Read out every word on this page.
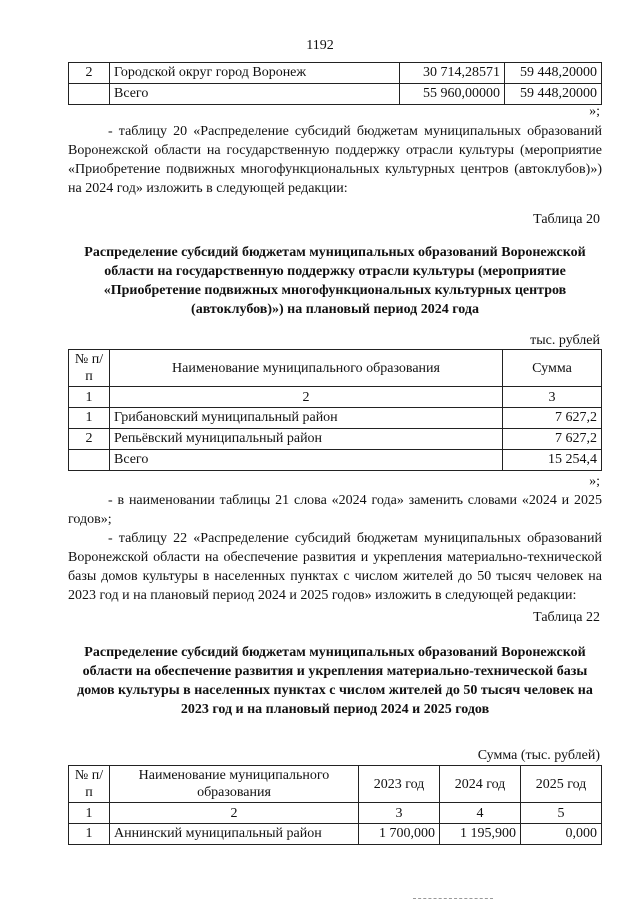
1192
2	Городской округ город Воронеж	30 714,28571	59 448,20000
	Всего	55 960,00000	59 448,20000
»;
- таблицу 20 «Распределение субсидий бюджетам муниципальных образований Воронежской области на государственную поддержку отрасли культуры (мероприятие «Приобретение подвижных многофункциональных культурных центров (автоклубов)») на 2024 год» изложить в следующей редакции:
Таблица 20
Распределение субсидий бюджетам муниципальных образований Воронежской области на государственную поддержку отрасли культуры (мероприятие «Приобретение подвижных многофункциональных культурных центров (автоклубов)») на плановый период 2024 года
тыс. рублей
№ п/п	Наименование муниципального образования	Сумма
1	2	3
1	Грибановский муниципальный район	7 627,2
2	Репьёвский муниципальный район	7 627,2
	Всего	15 254,4
»;
- в наименовании таблицы 21 слова «2024 года» заменить словами «2024 и 2025 годов»;
- таблицу 22 «Распределение субсидий бюджетам муниципальных образований Воронежской области на обеспечение развития и укрепления материально-технической базы домов культуры в населенных пунктах с числом жителей до 50 тысяч человек на 2023 год и на плановый период 2024 и 2025 годов» изложить в следующей редакции:
Таблица 22
Распределение субсидий бюджетам муниципальных образований Воронежской области на обеспечение развития и укрепления материально-технической базы домов культуры в населенных пунктах с числом жителей до 50 тысяч человек на 2023 год и на плановый период 2024 и 2025 годов
Сумма (тыс. рублей)
№ п/п	Наименование муниципального образования	2023 год	2024 год	2025 год
1	2	3	4	5
1	Аннинский муниципальный район	1 700,000	1 195,900	0,000
